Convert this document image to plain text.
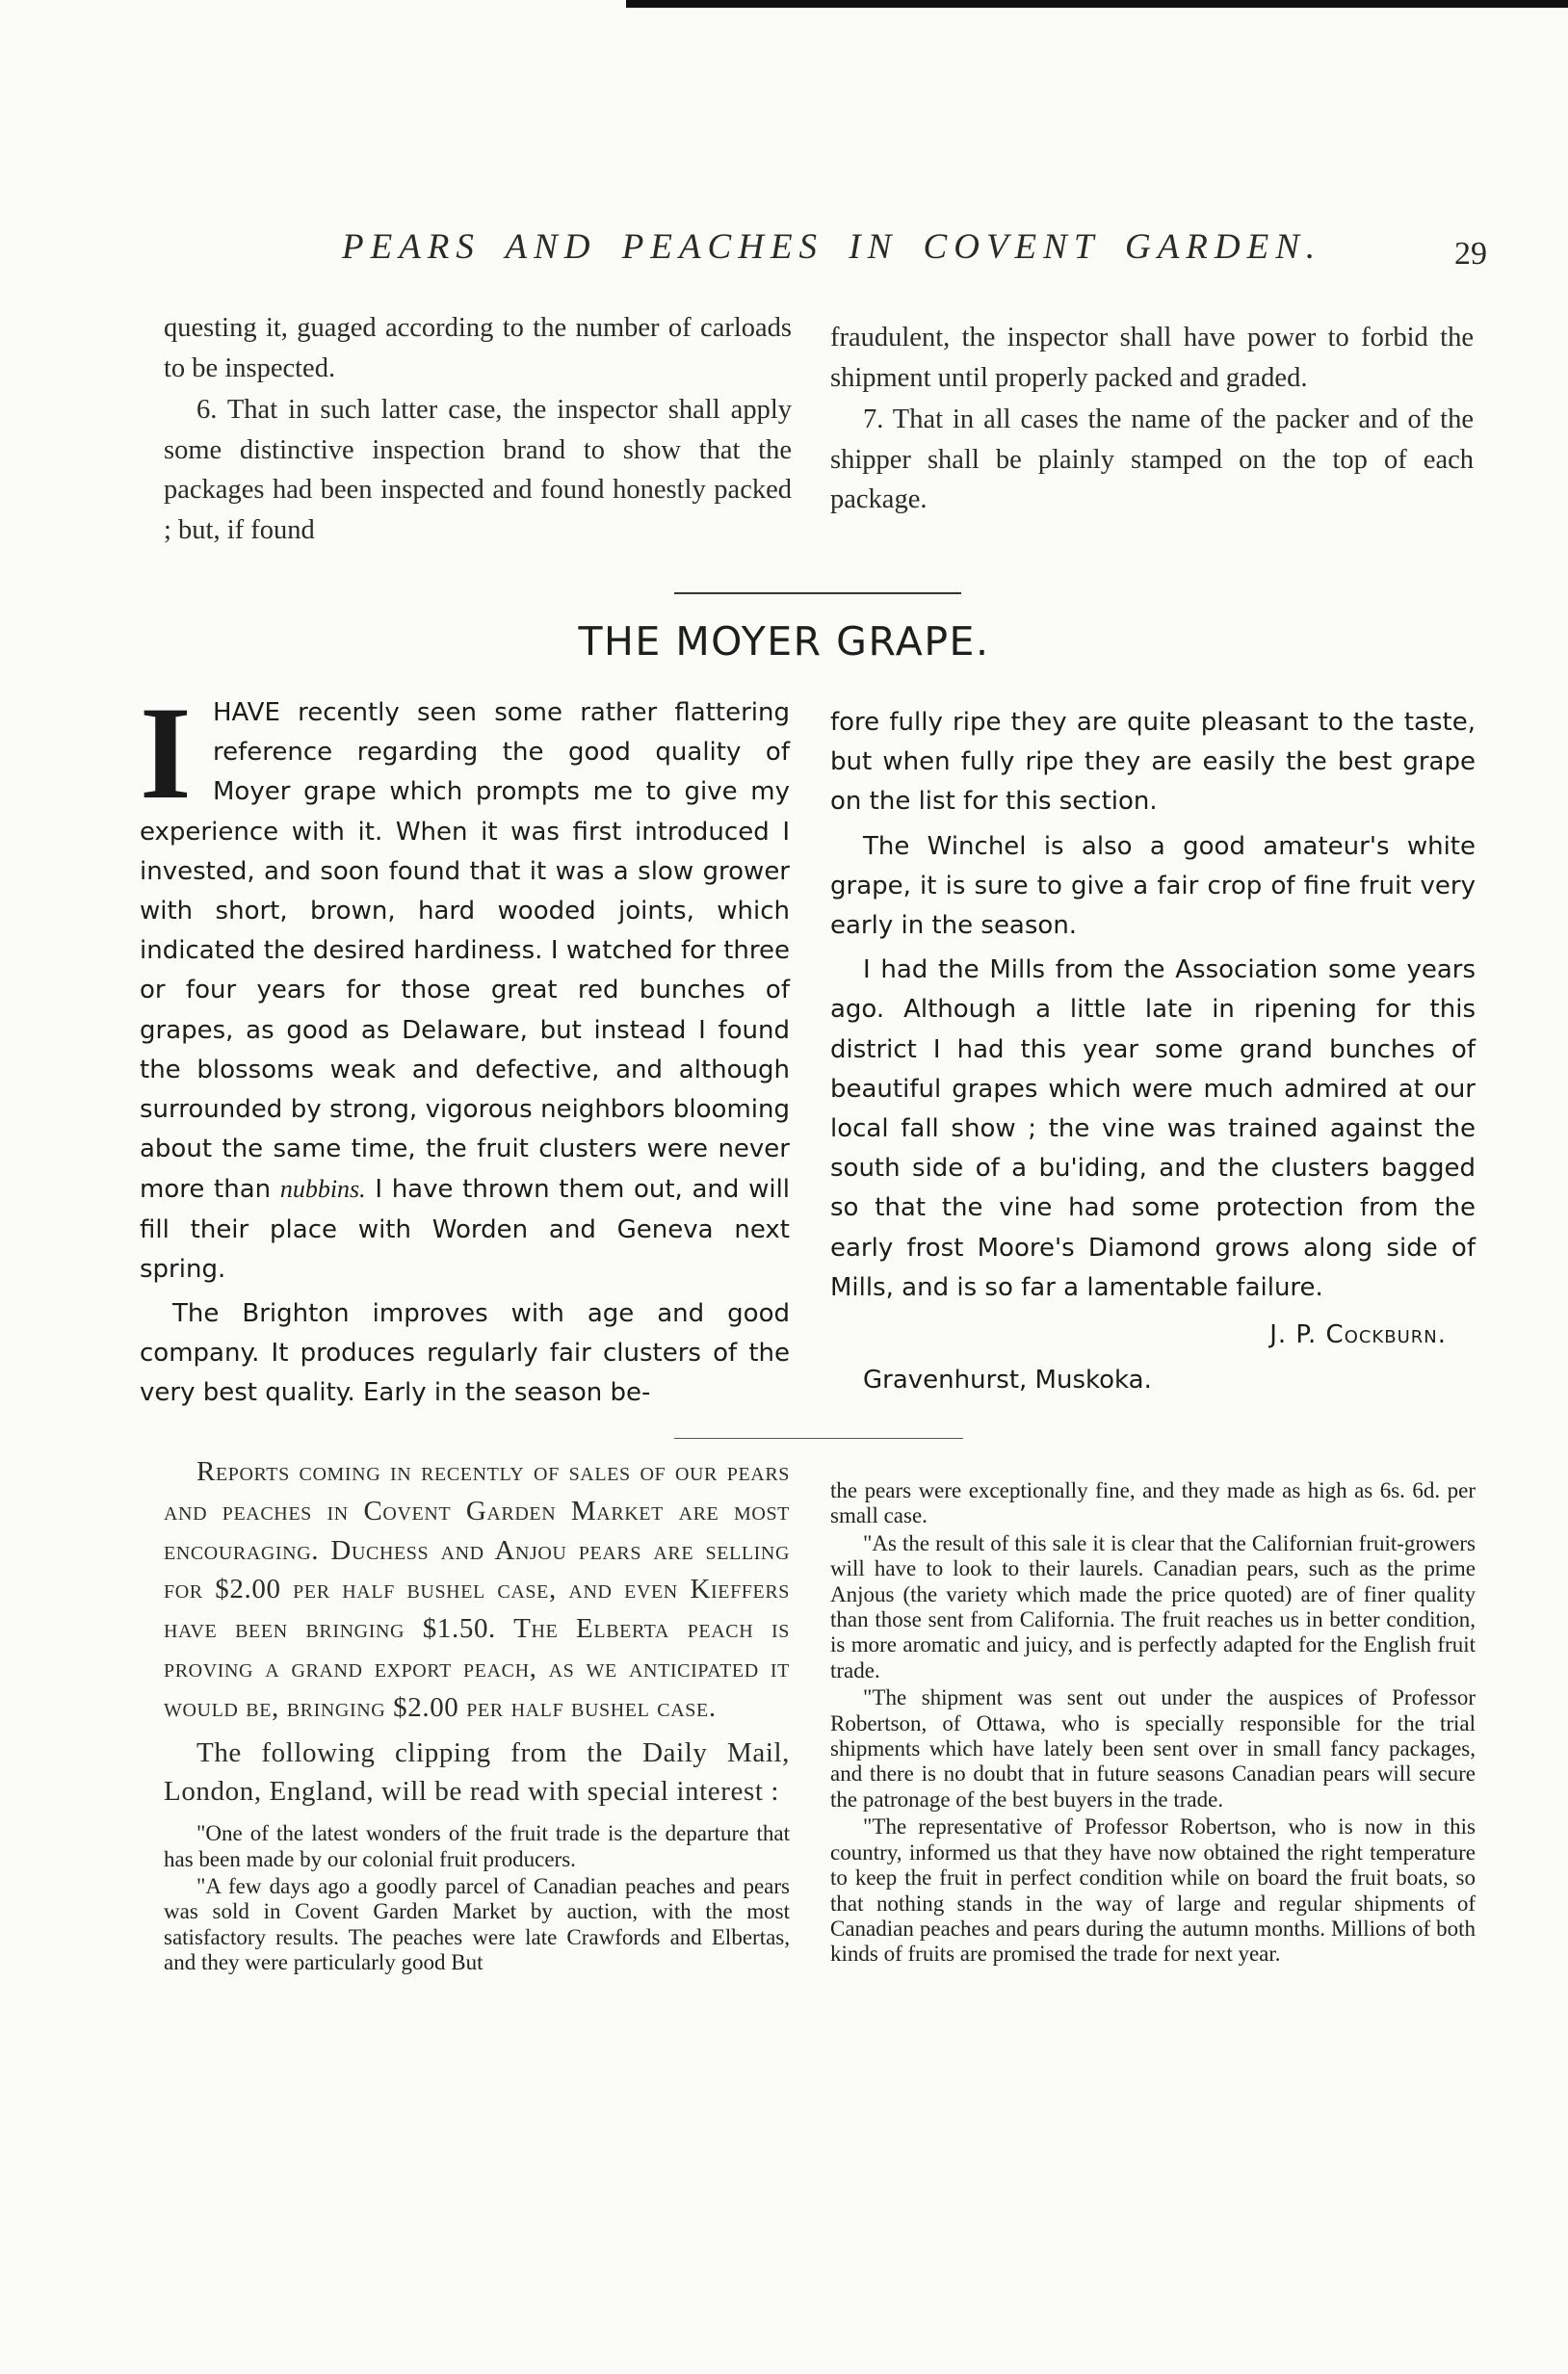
PEARS AND PEACHES IN COVENT GARDEN.	29

questing it, guaged according to the number of carloads to be inspected.

6. That in such latter case, the inspector shall apply some distinctive inspection brand to show that the packages had been inspected and found honestly packed ; but, if found

fraudulent, the inspector shall have power to forbid the shipment until properly packed and graded.

7. That in all cases the name of the packer and of the shipper shall be plainly stamped on the top of each package.

THE MOYER GRAPE.

IHAVE recently seen some rather flattering reference regarding the good quality of Moyer grape which prompts me to give my experience with it. When it was first introduced I invested, and soon found that it was a slow grower with short, brown, hard wooded joints, which indicated the desired hardiness. I watched for three or four years for those great red bunches of grapes, as good as Delaware, but instead I found the blossoms weak and defective, and although surrounded by strong, vigorous neighbors blooming about the same time, the fruit clusters were never more than nubbins. I have thrown them out, and will fill their place with Worden and Geneva next spring.

The Brighton improves with age and good company. It produces regularly fair clusters of the very best quality. Early in the season be-

fore fully ripe they are quite pleasant to the taste, but when fully ripe they are easily the best grape on the list for this section.

The Winchel is also a good amateur's white grape, it is sure to give a fair crop of fine fruit very early in the season.

I had the Mills from the Association some years ago. Although a little late in ripening for this district I had this year some grand bunches of beautiful grapes which were much admired at our local fall show ; the vine was trained against the south side of a bu'iding, and the clusters bagged so that the vine had some protection from the early frost Moore's Diamond grows along side of Mills, and is so far a lamentable failure.

J. P. Cockburn.

Gravenhurst, Muskoka.

Reports coming in recently of sales of our pears and peaches in Covent Garden Market are most encouraging. Duchess and Anjou pears are selling for $2.00 per half bushel case, and even Kieffers have been bringing $1.50. The Elberta peach is proving a grand export peach, as we anticipated it would be, bringing $2.00 per half bushel case.

The following clipping from the Daily Mail, London, England, will be read with special interest :

"One of the latest wonders of the fruit trade is the departure that has been made by our colonial fruit producers.

"A few days ago a goodly parcel of Canadian peaches and pears was sold in Covent Garden Market by auction, with the most satisfactory results. The peaches were late Crawfords and Elbertas, and they were particularly good But

the pears were exceptionally fine, and they made as high as 6s. 6d. per small case.

"As the result of this sale it is clear that the Californian fruit-growers will have to look to their laurels. Canadian pears, such as the prime Anjous (the variety which made the price quoted) are of finer quality than those sent from California. The fruit reaches us in better condition, is more aromatic and juicy, and is perfectly adapted for the English fruit trade.

"The shipment was sent out under the auspices of Professor Robertson, of Ottawa, who is specially responsible for the trial shipments which have lately been sent over in small fancy packages, and there is no doubt that in future seasons Canadian pears will secure the patronage of the best buyers in the trade.

"The representative of Professor Robertson, who is now in this country, informed us that they have now obtained the right temperature to keep the fruit in perfect condition while on board the fruit boats, so that nothing stands in the way of large and regular shipments of Canadian peaches and pears during the autumn months. Millions of both kinds of fruits are promised the trade for next year.
